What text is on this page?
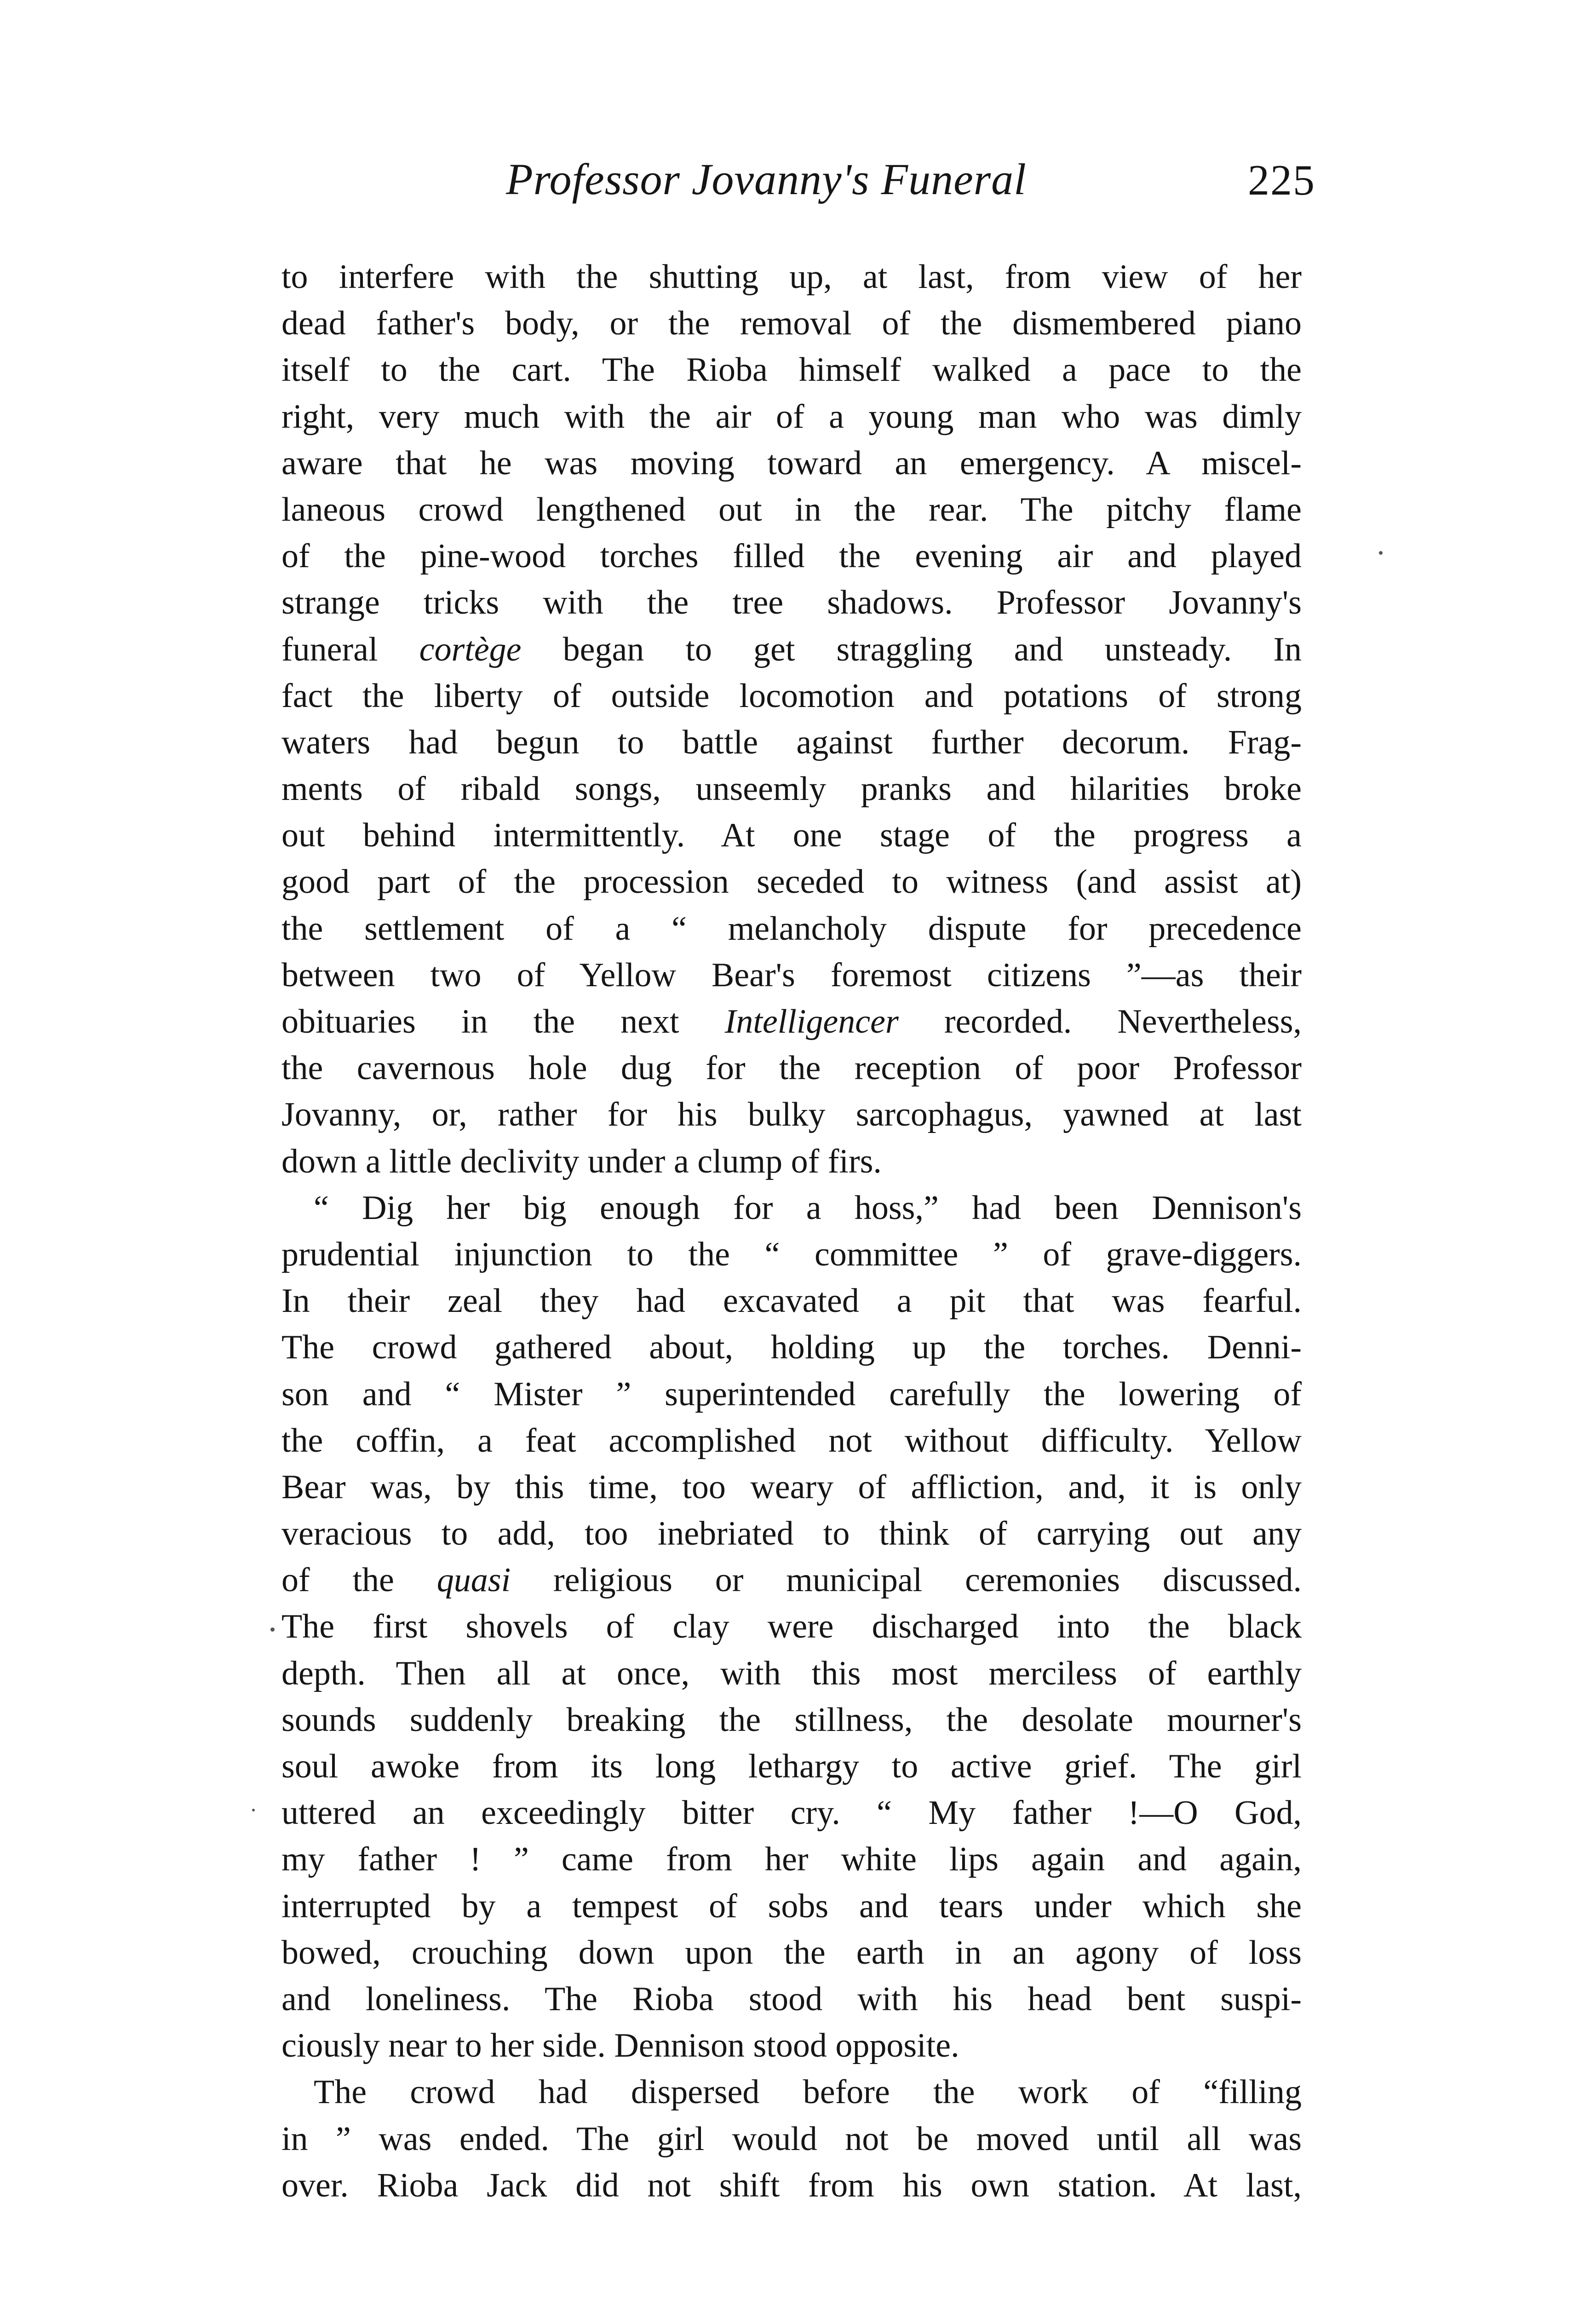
Professor Jovanny's Funeral	225
to interfere with the shutting up, at last, from view of her
dead father's body, or the removal of the dismembered piano
itself to the cart. The Rioba himself walked a pace to the
right, very much with the air of a young man who was dimly
aware that he was moving toward an emergency. A miscel-
laneous crowd lengthened out in the rear. The pitchy flame
of the pine-wood torches filled the evening air and played
strange tricks with the tree shadows. Professor Jovanny's
funeral cortège began to get straggling and unsteady. In
fact the liberty of outside locomotion and potations of strong
waters had begun to battle against further decorum. Frag-
ments of ribald songs, unseemly pranks and hilarities broke
out behind intermittently. At one stage of the progress a
good part of the procession seceded to witness (and assist at)
the settlement of a “ melancholy dispute for precedence
between two of Yellow Bear's foremost citizens ”—as their
obituaries in the next Intelligencer recorded. Nevertheless,
the cavernous hole dug for the reception of poor Professor
Jovanny, or, rather for his bulky sarcophagus, yawned at last
down a little declivity under a clump of firs.
“ Dig her big enough for a hoss,” had been Dennison's
prudential injunction to the “ committee ” of grave-diggers.
In their zeal they had excavated a pit that was fearful.
The crowd gathered about, holding up the torches. Denni-
son and “ Mister ” superintended carefully the lowering of
the coffin, a feat accomplished not without difficulty. Yellow
Bear was, by this time, too weary of affliction, and, it is only
veracious to add, too inebriated to think of carrying out any
of the quasi religious or municipal ceremonies discussed.
The first shovels of clay were discharged into the black
depth. Then all at once, with this most merciless of earthly
sounds suddenly breaking the stillness, the desolate mourner's
soul awoke from its long lethargy to active grief. The girl
uttered an exceedingly bitter cry. “ My father !—O God,
my father ! ” came from her white lips again and again,
interrupted by a tempest of sobs and tears under which she
bowed, crouching down upon the earth in an agony of loss
and loneliness. The Rioba stood with his head bent suspi-
ciously near to her side. Dennison stood opposite.
The crowd had dispersed before the work of “filling
in ” was ended. The girl would not be moved until all was
over. Rioba Jack did not shift from his own station. At last,
